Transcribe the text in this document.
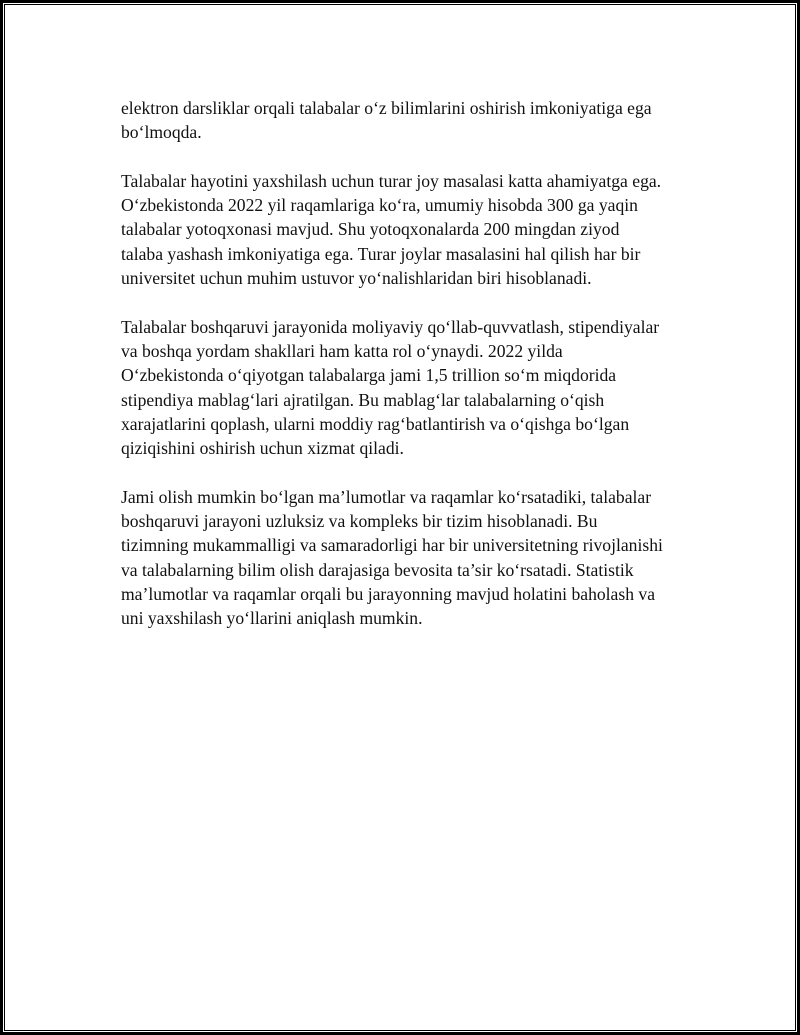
elektron darsliklar orqali talabalar o‘z bilimlarini oshirish imkoniyatiga ega
bo‘lmoqda.

Talabalar hayotini yaxshilash uchun turar joy masalasi katta ahamiyatga ega.
O‘zbekistonda 2022 yil raqamlariga ko‘ra, umumiy hisobda 300 ga yaqin
talabalar yotoqxonasi mavjud. Shu yotoqxonalarda 200 mingdan ziyod
talaba yashash imkoniyatiga ega. Turar joylar masalasini hal qilish har bir
universitet uchun muhim ustuvor yo‘nalishlaridan biri hisoblanadi.

Talabalar boshqaruvi jarayonida moliyaviy qo‘llab-quvvatlash, stipendiyalar
va boshqa yordam shakllari ham katta rol o‘ynaydi. 2022 yilda
O‘zbekistonda o‘qiyotgan talabalarga jami 1,5 trillion so‘m miqdorida
stipendiya mablag‘lari ajratilgan. Bu mablag‘lar talabalarning o‘qish
xarajatlarini qoplash, ularni moddiy rag‘batlantirish va o‘qishga bo‘lgan
qiziqishini oshirish uchun xizmat qiladi.

Jami olish mumkin bo‘lgan ma’lumotlar va raqamlar ko‘rsatadiki, talabalar
boshqaruvi jarayoni uzluksiz va kompleks bir tizim hisoblanadi. Bu
tizimning mukammalligi va samaradorligi har bir universitetning rivojlanishi
va talabalarning bilim olish darajasiga bevosita ta’sir ko‘rsatadi. Statistik
ma’lumotlar va raqamlar orqali bu jarayonning mavjud holatini baholash va
uni yaxshilash yo‘llarini aniqlash mumkin.
